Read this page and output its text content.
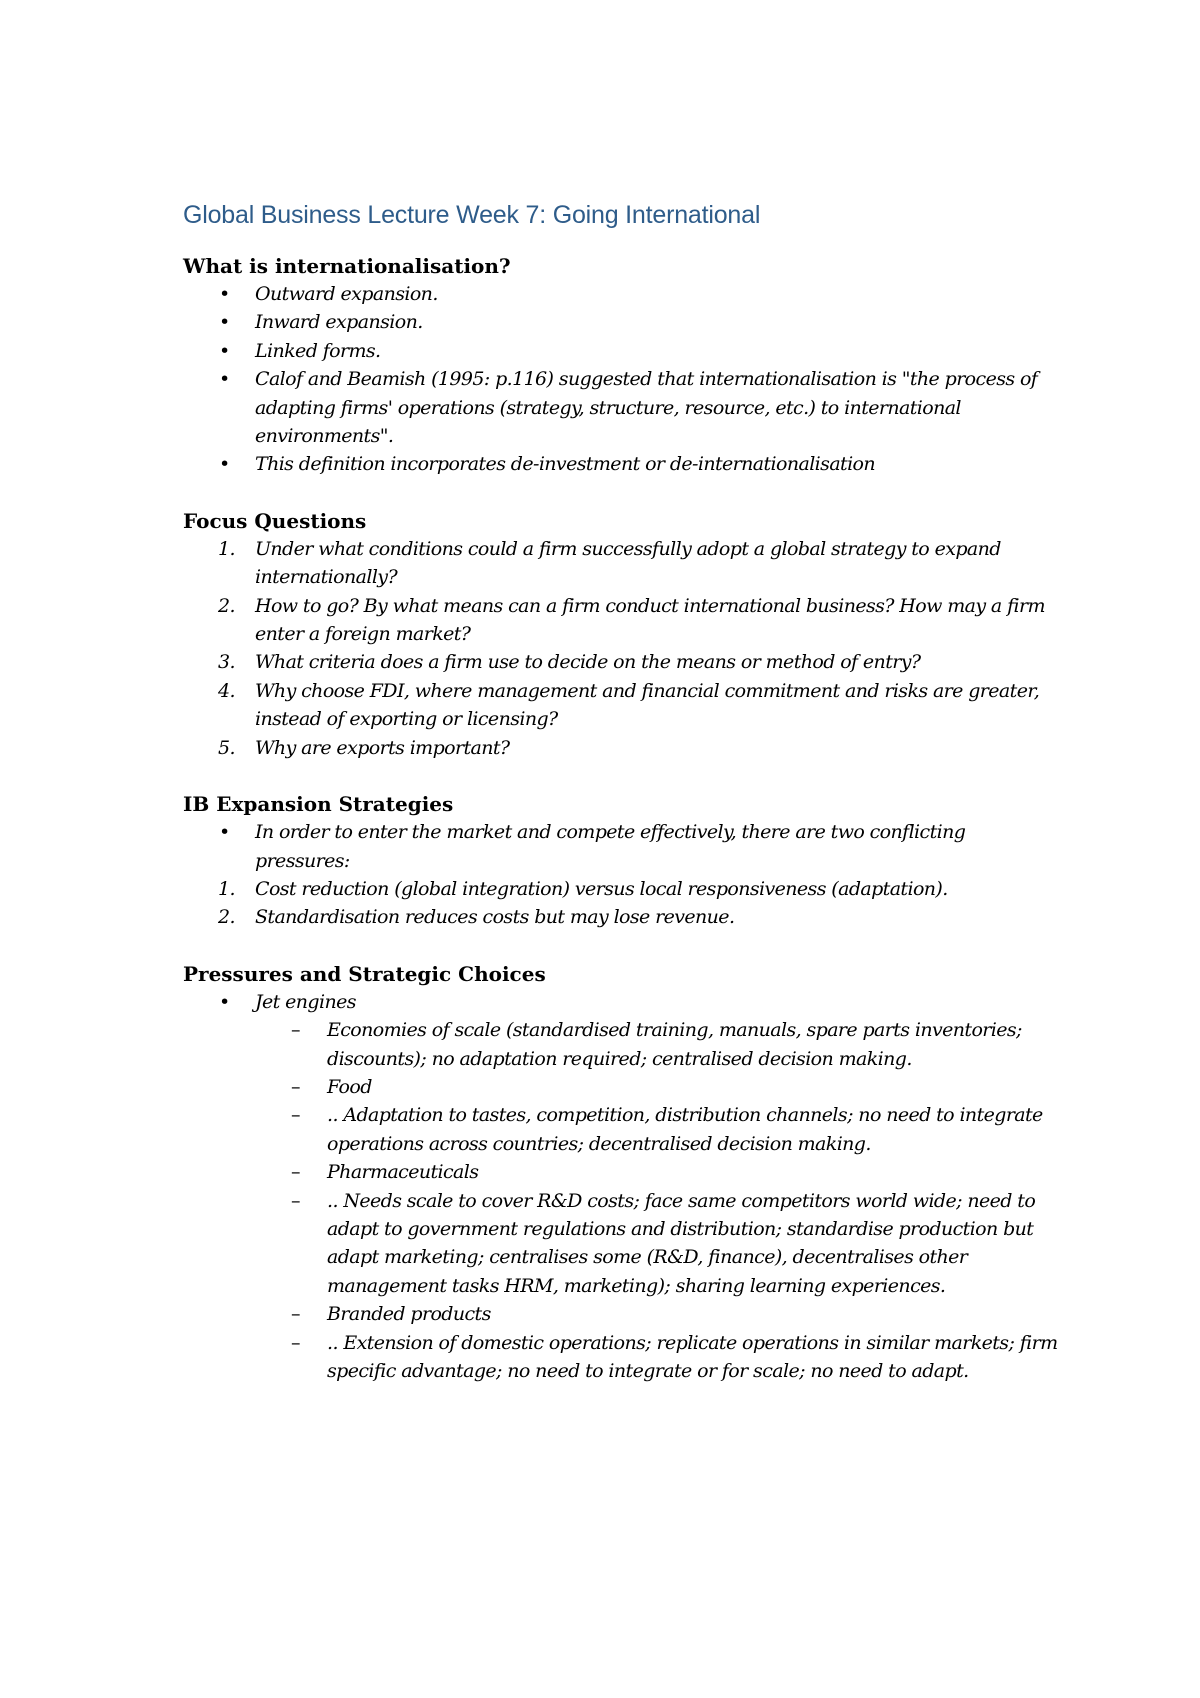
Global Business Lecture Week 7: Going International
What is internationalisation?
• Outward expansion.
• Inward expansion.
• Linked forms.
• Calof and Beamish (1995: p.116) suggested that internationalisation is "the process of adapting firms' operations (strategy, structure, resource, etc.) to international environments".
• This definition incorporates de-investment or de-internationalisation
Focus Questions
1. Under what conditions could a firm successfully adopt a global strategy to expand internationally?
2. How to go? By what means can a firm conduct international business? How may a firm enter a foreign market?
3. What criteria does a firm use to decide on the means or method of entry?
4. Why choose FDI, where management and financial commitment and risks are greater, instead of exporting or licensing?
5. Why are exports important?
IB Expansion Strategies
• In order to enter the market and compete effectively, there are two conflicting pressures:
1. Cost reduction (global integration) versus local responsiveness (adaptation).
2. Standardisation reduces costs but may lose revenue.
Pressures and Strategic Choices
• Jet engines
– Economies of scale (standardised training, manuals, spare parts inventories; discounts); no adaptation required; centralised decision making.
– Food
– .. Adaptation to tastes, competition, distribution channels; no need to integrate operations across countries; decentralised decision making.
– Pharmaceuticals
– .. Needs scale to cover R&D costs; face same competitors world wide; need to adapt to government regulations and distribution; standardise production but adapt marketing; centralises some (R&D, finance), decentralises other management tasks HRM, marketing); sharing learning experiences.
– Branded products
– .. Extension of domestic operations; replicate operations in similar markets; firm specific advantage; no need to integrate or for scale; no need to adapt.
